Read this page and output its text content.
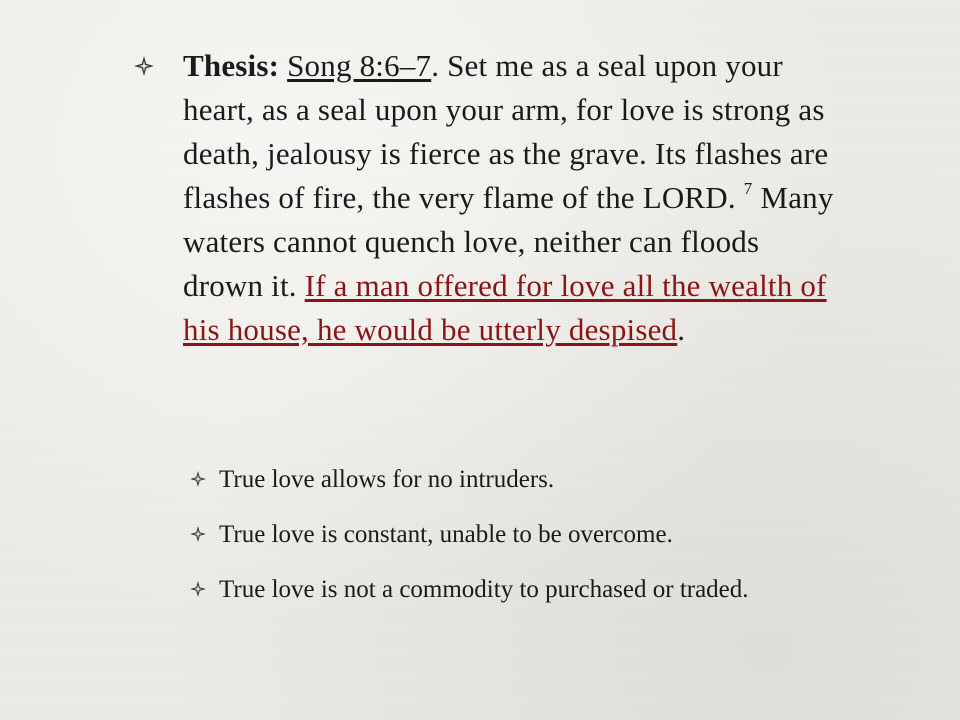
Thesis: Song 8:6–7. Set me as a seal upon your heart, as a seal upon your arm, for love is strong as death, jealousy is fierce as the grave. Its flashes are flashes of fire, the very flame of the LORD. $^7$ Many waters cannot quench love, neither can floods drown it. If a man offered for love all the wealth of his house, he would be utterly despised.
True love allows for no intruders.
True love is constant, unable to be overcome.
True love is not a commodity to purchased or traded.
